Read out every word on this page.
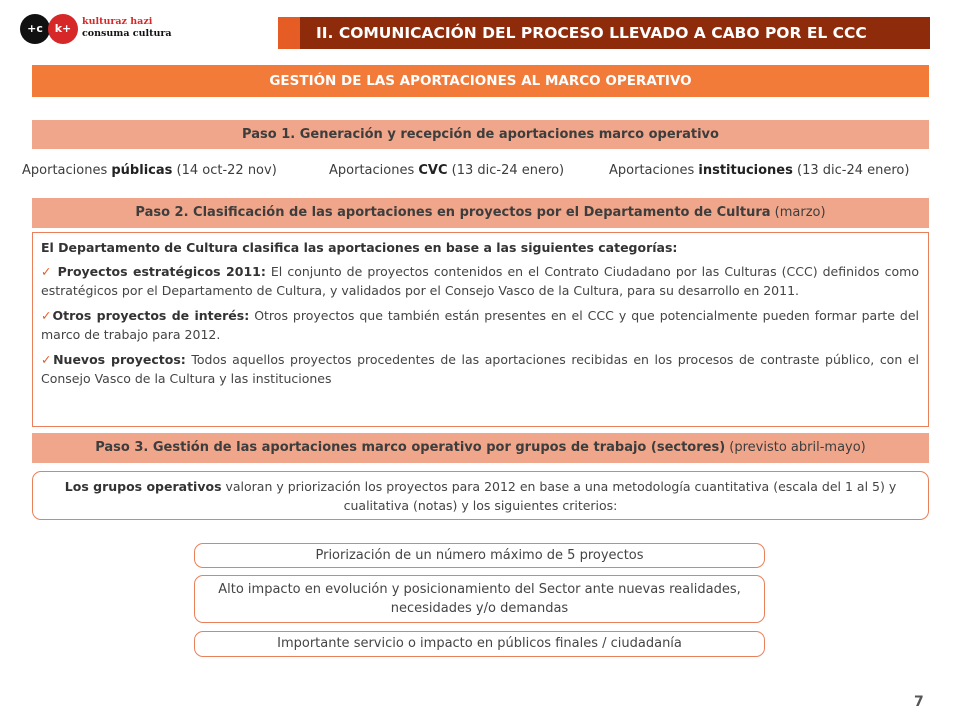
+c	k+
kulturaz hazi
consuma cultura	II. COMUNICACIÓN DEL PROCESO LLEVADO A CABO POR EL CCC
GESTIÓN DE LAS APORTACIONES AL MARCO OPERATIVO
Paso 1. Generación y recepción de aportaciones marco operativo
Aportaciones públicas (14 oct-22 nov)	Aportaciones CVC (13 dic-24 enero)	Aportaciones instituciones (13 dic-24 enero)
Paso 2. Clasificación de las aportaciones en proyectos por el Departamento de Cultura (marzo)
El Departamento de Cultura clasifica las aportaciones en base a las siguientes categorías:
✓ Proyectos estratégicos 2011: El conjunto de proyectos contenidos en el Contrato Ciudadano por las Culturas (CCC) definidos como estratégicos por el Departamento de Cultura, y validados por el Consejo Vasco de la Cultura, para su desarrollo en 2011.
✓Otros proyectos de interés: Otros proyectos que también están presentes en el CCC y que potencialmente pueden formar parte del marco de trabajo para 2012.
✓Nuevos proyectos: Todos aquellos proyectos procedentes de las aportaciones recibidas en los procesos de contraste público, con el Consejo Vasco de la Cultura y las instituciones
Paso 3. Gestión de las aportaciones marco operativo por grupos de trabajo (sectores) (previsto abril-mayo)
Los grupos operativos valoran y priorización los proyectos para 2012 en base a una metodología cuantitativa (escala del 1 al 5) y cualitativa (notas) y los siguientes criterios:
Priorización de un número máximo de 5 proyectos
Alto impacto en evolución y posicionamiento del Sector ante nuevas realidades, necesidades y/o demandas
Importante servicio o impacto en públicos finales / ciudadanía
7
